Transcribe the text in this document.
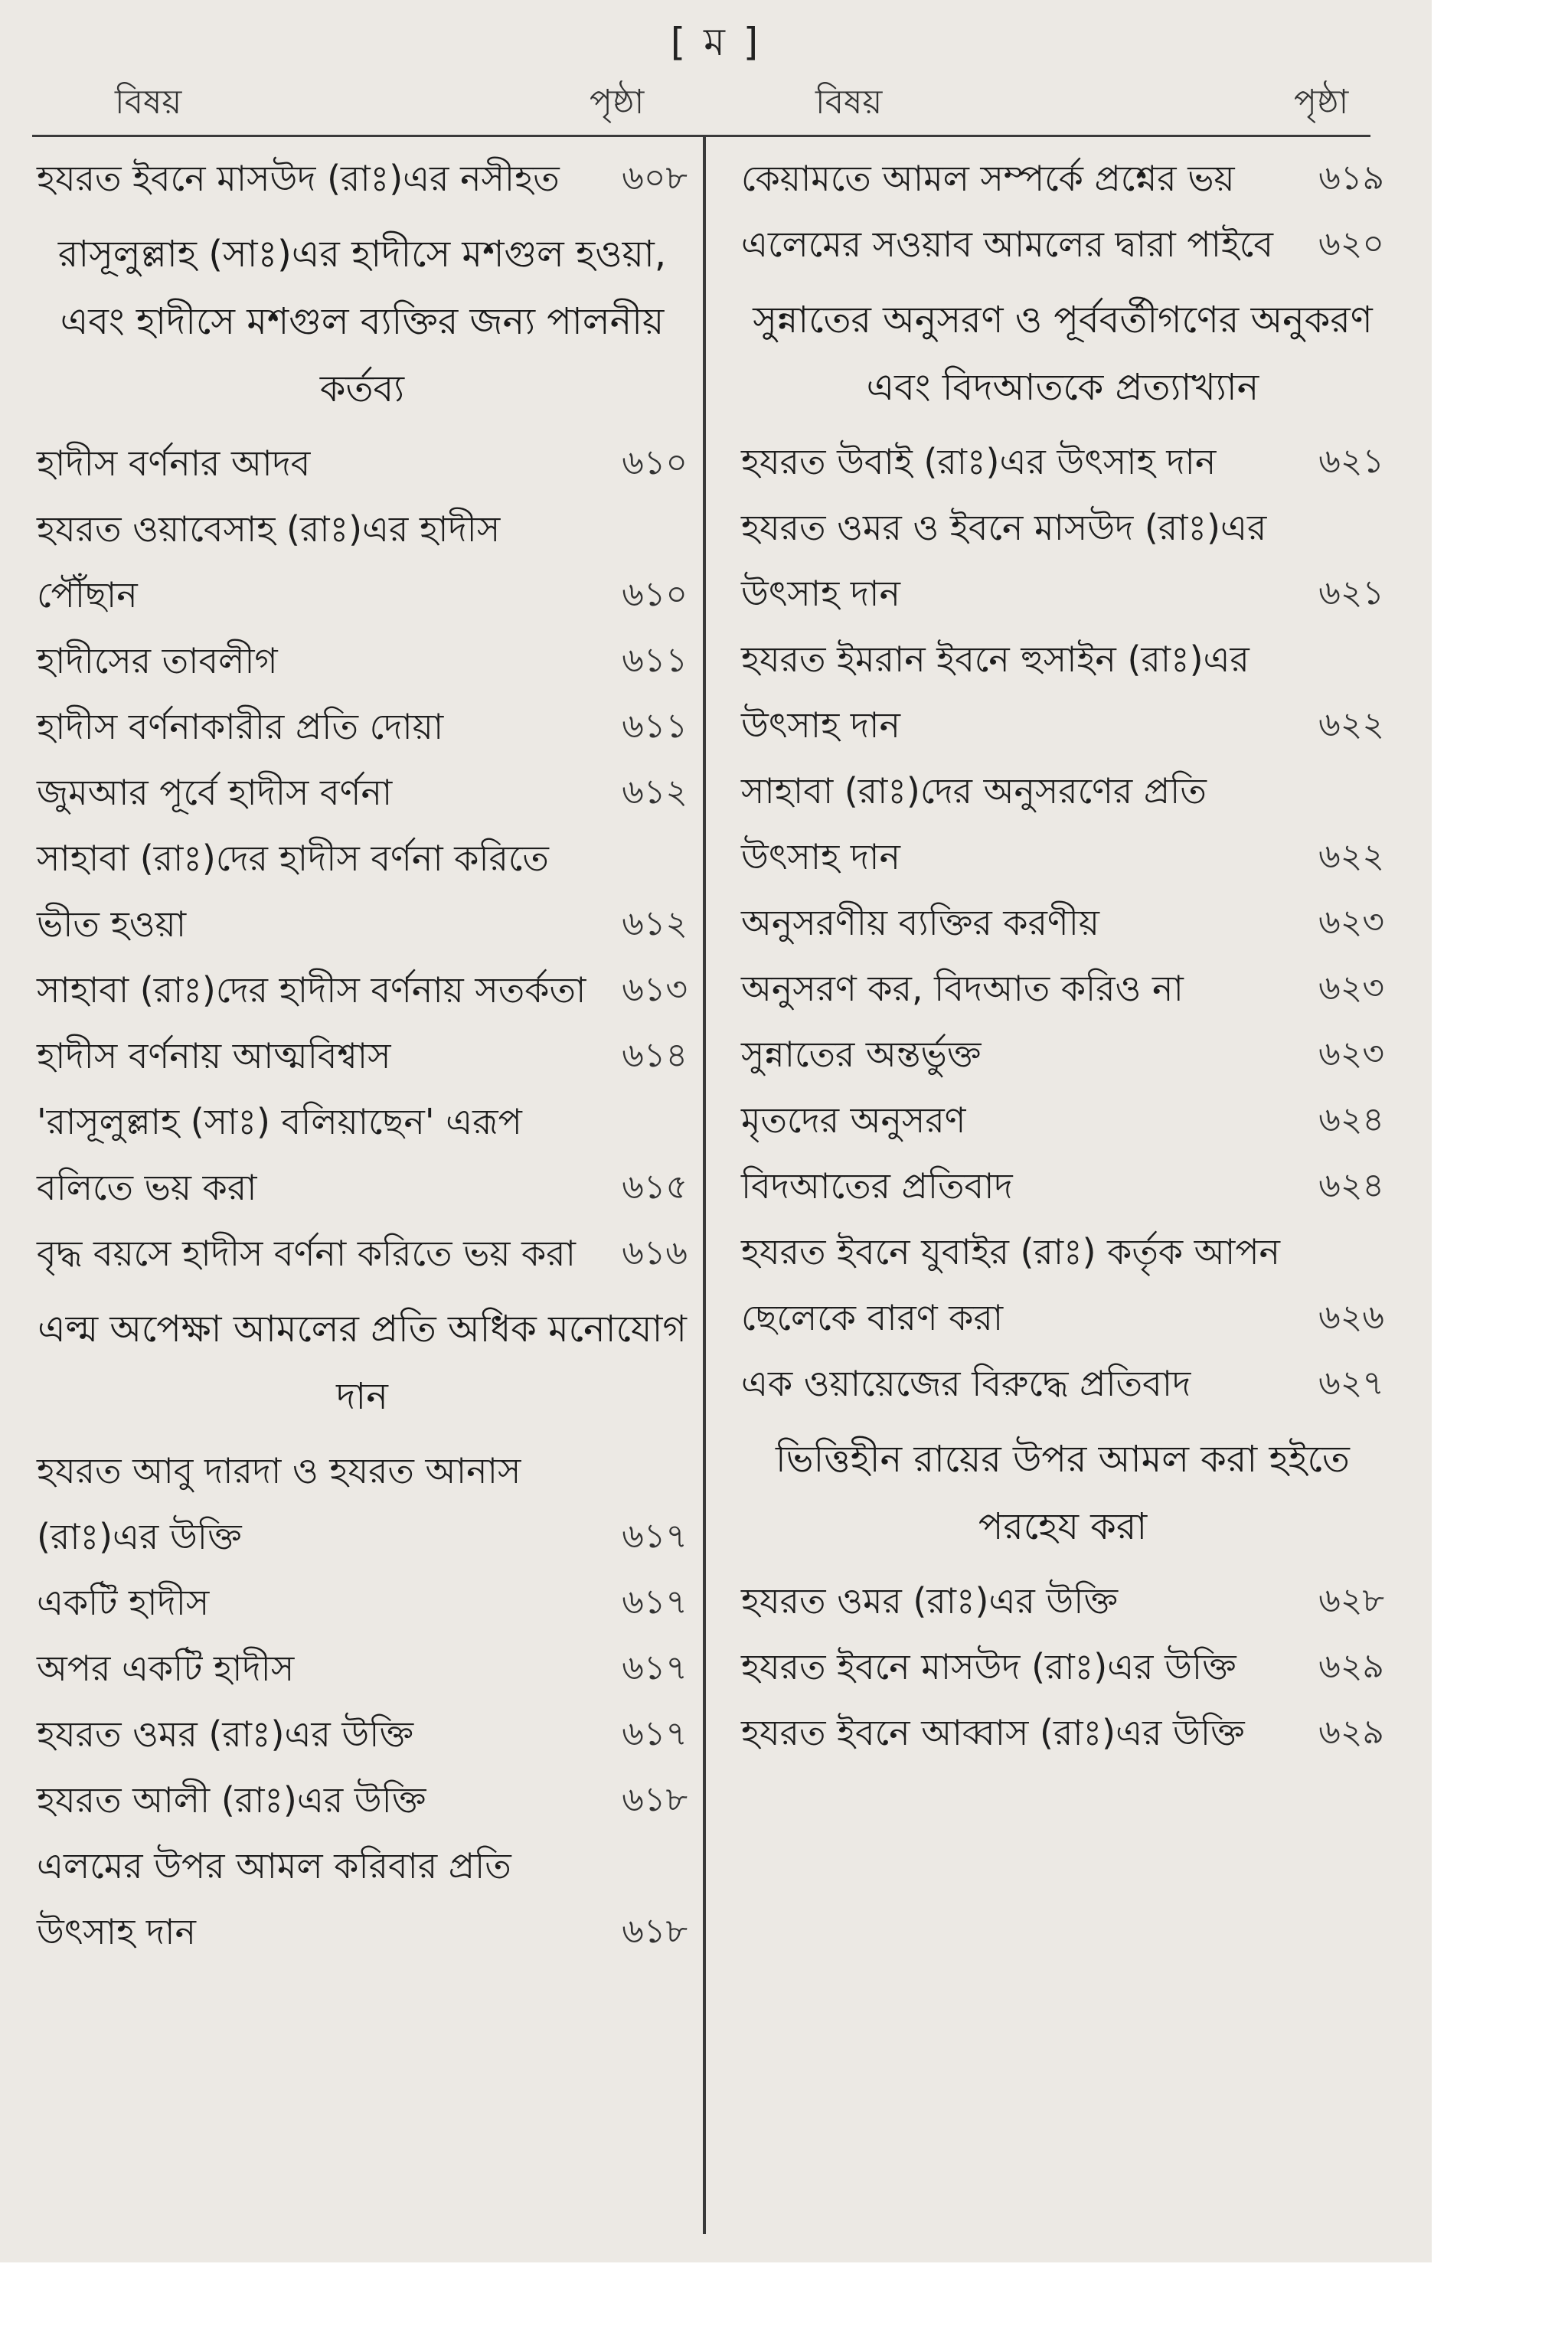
[ ম ]
বিষয়	পৃষ্ঠা	বিষয়	পৃষ্ঠা
হযরত ইবনে মাসউদ (রাঃ)এর নসীহত	৬০৮
রাসূলুল্লাহ (সাঃ)এর হাদীসে মশগুল হওয়া, এবং হাদীসে মশগুল ব্যক্তির জন্য পালনীয় কর্তব্য
হাদীস বর্ণনার আদব	৬১০
হযরত ওয়াবেসাহ (রাঃ)এর হাদীস পৌঁছান	৬১০
হাদীসের তাবলীগ	৬১১
হাদীস বর্ণনাকারীর প্রতি দোয়া	৬১১
জুমআর পূর্বে হাদীস বর্ণনা	৬১২
সাহাবা (রাঃ)দের হাদীস বর্ণনা করিতে ভীত হওয়া	৬১২
সাহাবা (রাঃ)দের হাদীস বর্ণনায় সতর্কতা	৬১৩
হাদীস বর্ণনায় আত্মবিশ্বাস	৬১৪
'রাসূলুল্লাহ (সাঃ) বলিয়াছেন' এরূপ বলিতে ভয় করা	৬১৫
বৃদ্ধ বয়সে হাদীস বর্ণনা করিতে ভয় করা	৬১৬
এল্ম অপেক্ষা আমলের প্রতি অধিক মনোযোগ দান
হযরত আবু দারদা ও হযরত আনাস (রাঃ)এর উক্তি	৬১৭
একটি হাদীস	৬১৭
অপর একটি হাদীস	৬১৭
হযরত ওমর (রাঃ)এর উক্তি	৬১৭
হযরত আলী (রাঃ)এর উক্তি	৬১৮
এলমের উপর আমল করিবার প্রতি উৎসাহ দান	৬১৮
কেয়ামতে আমল সম্পর্কে প্রশ্নের ভয়	৬১৯
এলেমের সওয়াব আমলের দ্বারা পাইবে	৬২০
সুন্নাতের অনুসরণ ও পূর্ববর্তীগণের অনুকরণ এবং বিদআতকে প্রত্যাখ্যান
হযরত উবাই (রাঃ)এর উৎসাহ দান	৬২১
হযরত ওমর ও ইবনে মাসউদ (রাঃ)এর উৎসাহ দান	৬২১
হযরত ইমরান ইবনে হুসাইন (রাঃ)এর উৎসাহ দান	৬২২
সাহাবা (রাঃ)দের অনুসরণের প্রতি উৎসাহ দান	৬২২
অনুসরণীয় ব্যক্তির করণীয়	৬২৩
অনুসরণ কর, বিদআত করিও না	৬২৩
সুন্নাতের অন্তর্ভুক্ত	৬২৩
মৃতদের অনুসরণ	৬২৪
বিদআতের প্রতিবাদ	৬২৪
হযরত ইবনে যুবাইর (রাঃ) কর্তৃক আপন ছেলেকে বারণ করা	৬২৬
এক ওয়ায়েজের বিরুদ্ধে প্রতিবাদ	৬২৭
ভিত্তিহীন রায়ের উপর আমল করা হইতে পরহেয করা
হযরত ওমর (রাঃ)এর উক্তি	৬২৮
হযরত ইবনে মাসউদ (রাঃ)এর উক্তি	৬২৯
হযরত ইবনে আব্বাস (রাঃ)এর উক্তি	৬২৯
